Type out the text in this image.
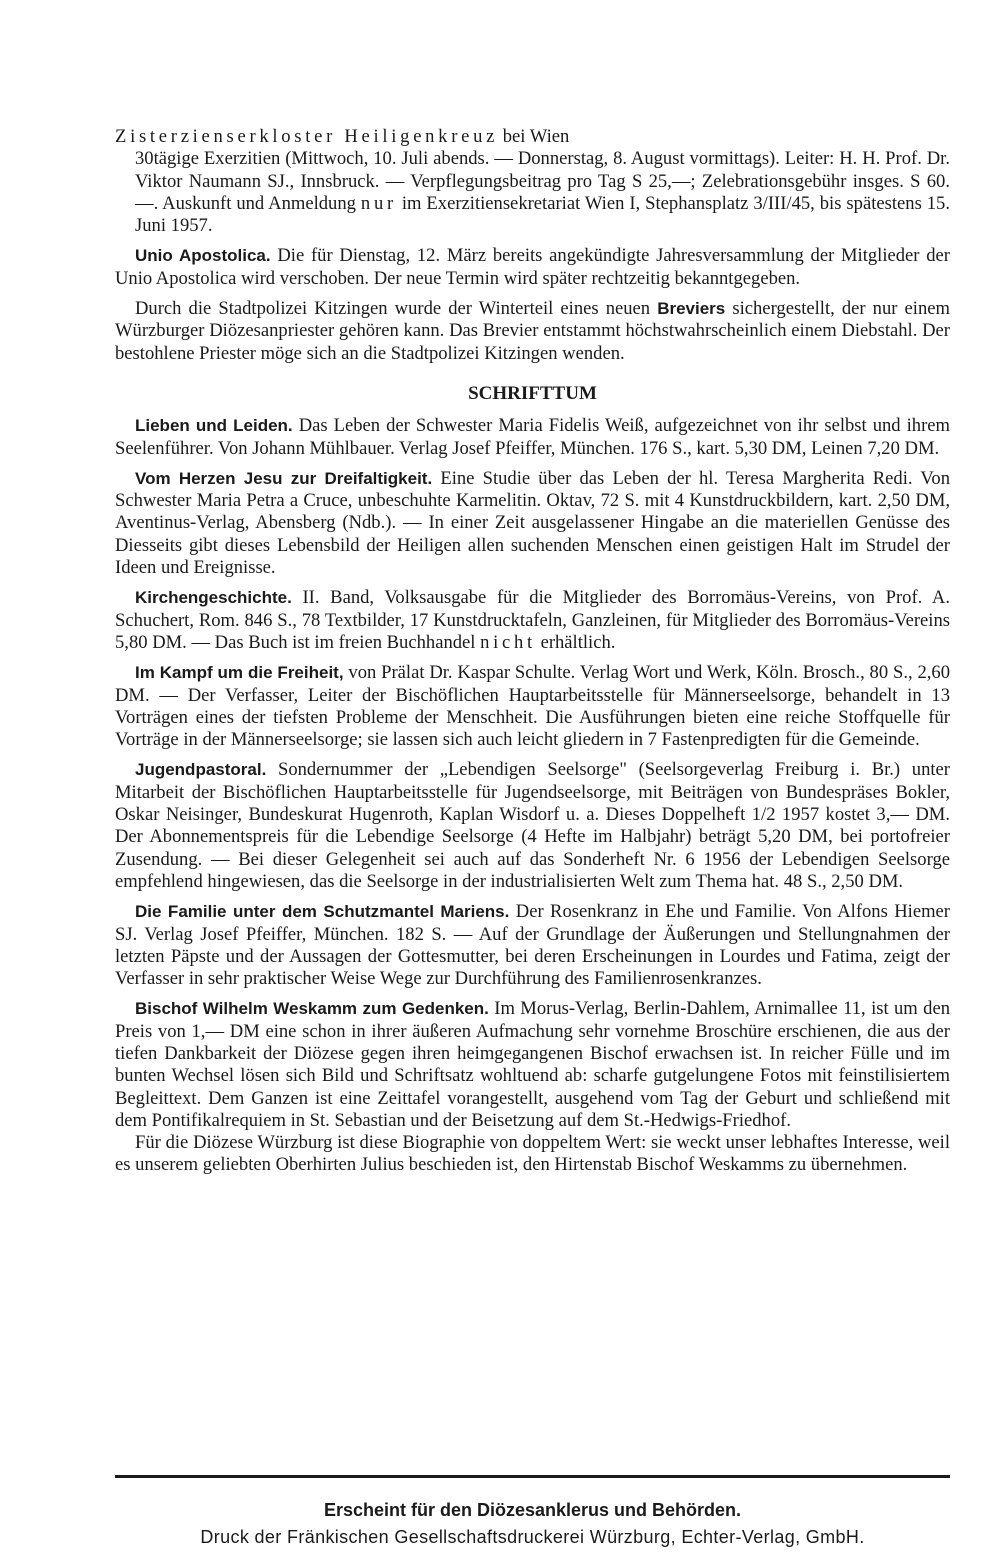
Zisterzienserkloster Heiligenkreuz bei Wien

30tägige Exerzitien (Mittwoch, 10. Juli abends. — Donnerstag, 8. August vormittags). Leiter: H. H. Prof. Dr. Viktor Naumann SJ., Innsbruck. — Verpflegungsbeitrag pro Tag S 25,—; Zelebrationsgebühr insges. S 60.—. Auskunft und Anmeldung nur im Exerzitiensekretariat Wien I, Stephansplatz 3/III/45, bis spätestens 15. Juni 1957.

Unio Apostolica. Die für Dienstag, 12. März bereits angekündigte Jahresversammlung der Mitglieder der Unio Apostolica wird verschoben. Der neue Termin wird später rechtzeitig bekanntgegeben.

Durch die Stadtpolizei Kitzingen wurde der Winterteil eines neuen Breviers sichergestellt, der nur einem Würzburger Diözesanpriester gehören kann. Das Brevier entstammt höchstwahrscheinlich einem Diebstahl. Der bestohlene Priester möge sich an die Stadtpolizei Kitzingen wenden.

SCHRIFTTUM

Lieben und Leiden. Das Leben der Schwester Maria Fidelis Weiß, aufgezeichnet von ihr selbst und ihrem Seelenführer. Von Johann Mühlbauer. Verlag Josef Pfeiffer, München. 176 S., kart. 5,30 DM, Leinen 7,20 DM.

Vom Herzen Jesu zur Dreifaltigkeit. Eine Studie über das Leben der hl. Teresa Margherita Redi. Von Schwester Maria Petra a Cruce, unbeschuhte Karmelitin. Oktav, 72 S. mit 4 Kunstdruckbildern, kart. 2,50 DM, Aventinus-Verlag, Abensberg (Ndb.). — In einer Zeit ausgelassener Hingabe an die materiellen Genüsse des Diesseits gibt dieses Lebensbild der Heiligen allen suchenden Menschen einen geistigen Halt im Strudel der Ideen und Ereignisse.

Kirchengeschichte. II. Band, Volksausgabe für die Mitglieder des Borromäus-Vereins, von Prof. A. Schuchert, Rom. 846 S., 78 Textbilder, 17 Kunstdrucktafeln, Ganzleinen, für Mitglieder des Borromäus-Vereins 5,80 DM. — Das Buch ist im freien Buchhandel nicht erhältlich.

Im Kampf um die Freiheit, von Prälat Dr. Kaspar Schulte. Verlag Wort und Werk, Köln. Brosch., 80 S., 2,60 DM. — Der Verfasser, Leiter der Bischöflichen Hauptarbeitsstelle für Männerseelsorge, behandelt in 13 Vorträgen eines der tiefsten Probleme der Menschheit. Die Ausführungen bieten eine reiche Stoffquelle für Vorträge in der Männerseelsorge; sie lassen sich auch leicht gliedern in 7 Fastenpredigten für die Gemeinde.

Jugendpastoral. Sondernummer der „Lebendigen Seelsorge" (Seelsorgeverlag Freiburg i. Br.) unter Mitarbeit der Bischöflichen Hauptarbeitsstelle für Jugendseelsorge, mit Beiträgen von Bundespräses Bokler, Oskar Neisinger, Bundeskurat Hugenroth, Kaplan Wisdorf u. a. Dieses Doppelheft 1/2 1957 kostet 3,— DM. Der Abonnementspreis für die Lebendige Seelsorge (4 Hefte im Halbjahr) beträgt 5,20 DM, bei portofreier Zusendung. — Bei dieser Gelegenheit sei auch auf das Sonderheft Nr. 6 1956 der Lebendigen Seelsorge empfehlend hingewiesen, das die Seelsorge in der industrialisierten Welt zum Thema hat. 48 S., 2,50 DM.

Die Familie unter dem Schutzmantel Mariens. Der Rosenkranz in Ehe und Familie. Von Alfons Hiemer SJ. Verlag Josef Pfeiffer, München. 182 S. — Auf der Grundlage der Äußerungen und Stellungnahmen der letzten Päpste und der Aussagen der Gottesmutter, bei deren Erscheinungen in Lourdes und Fatima, zeigt der Verfasser in sehr praktischer Weise Wege zur Durchführung des Familienrosenkranzes.

Bischof Wilhelm Weskamm zum Gedenken. Im Morus-Verlag, Berlin-Dahlem, Arnimallee 11, ist um den Preis von 1,— DM eine schon in ihrer äußeren Aufmachung sehr vornehme Broschüre erschienen, die aus der tiefen Dankbarkeit der Diözese gegen ihren heimgegangenen Bischof erwachsen ist. In reicher Fülle und im bunten Wechsel lösen sich Bild und Schriftsatz wohltuend ab: scharfe gutgelungene Fotos mit feinstilisiertem Begleittext. Dem Ganzen ist eine Zeittafel vorangestellt, ausgehend vom Tag der Geburt und schließend mit dem Pontifikalrequiem in St. Sebastian und der Beisetzung auf dem St.-Hedwigs-Friedhof.

Für die Diözese Würzburg ist diese Biographie von doppeltem Wert: sie weckt unser lebhaftes Interesse, weil es unserem geliebten Oberhirten Julius beschieden ist, den Hirtenstab Bischof Weskamms zu übernehmen.

Erscheint für den Diözesanklerus und Behörden.
Druck der Fränkischen Gesellschaftsdruckerei Würzburg, Echter-Verlag, GmbH.
